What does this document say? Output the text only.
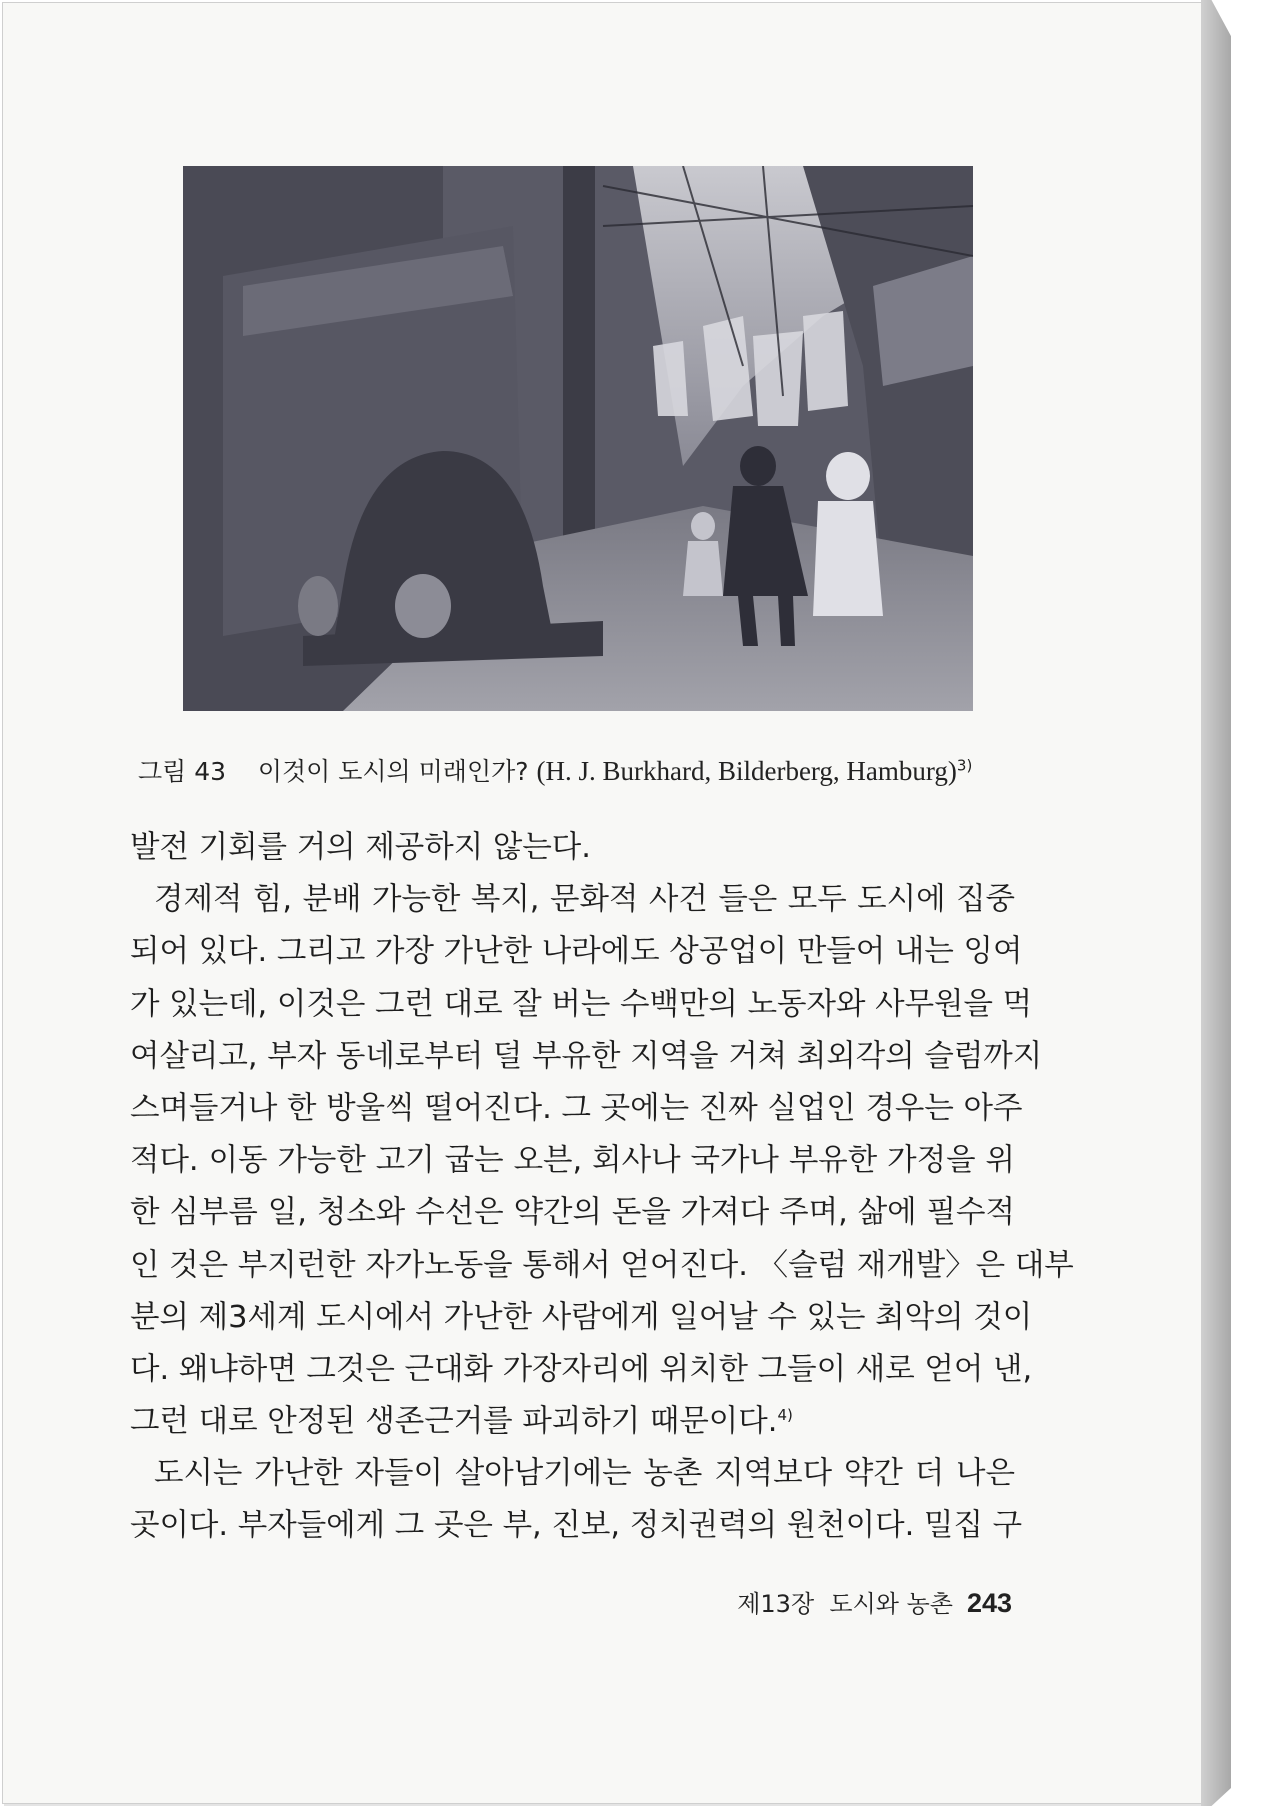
그림 43 이것이 도시의 미래인가? (H. J. Burkhard, Bilderberg, Hamburg)$^{3)}$
발전 기회를 거의 제공하지 않는다.
경제적 힘, 분배 가능한 복지, 문화적 사건 들은 모두 도시에 집중
되어 있다. 그리고 가장 가난한 나라에도 상공업이 만들어 내는 잉여
가 있는데, 이것은 그런 대로 잘 버는 수백만의 노동자와 사무원을 먹
여살리고, 부자 동네로부터 덜 부유한 지역을 거쳐 최외각의 슬럼까지
스며들거나 한 방울씩 떨어진다. 그 곳에는 진짜 실업인 경우는 아주
적다. 이동 가능한 고기 굽는 오븐, 회사나 국가나 부유한 가정을 위
한 심부름 일, 청소와 수선은 약간의 돈을 가져다 주며, 삶에 필수적
인 것은 부지런한 자가노동을 통해서 얻어진다. 〈슬럼 재개발〉은 대부
분의 제3세계 도시에서 가난한 사람에게 일어날 수 있는 최악의 것이
다. 왜냐하면 그것은 근대화 가장자리에 위치한 그들이 새로 얻어 낸,
그런 대로 안정된 생존근거를 파괴하기 때문이다.$^{4)}$
도시는 가난한 자들이 살아남기에는 농촌 지역보다 약간 더 나은
곳이다. 부자들에게 그 곳은 부, 진보, 정치권력의 원천이다. 밀집 구
제13장  도시와 농촌 243
